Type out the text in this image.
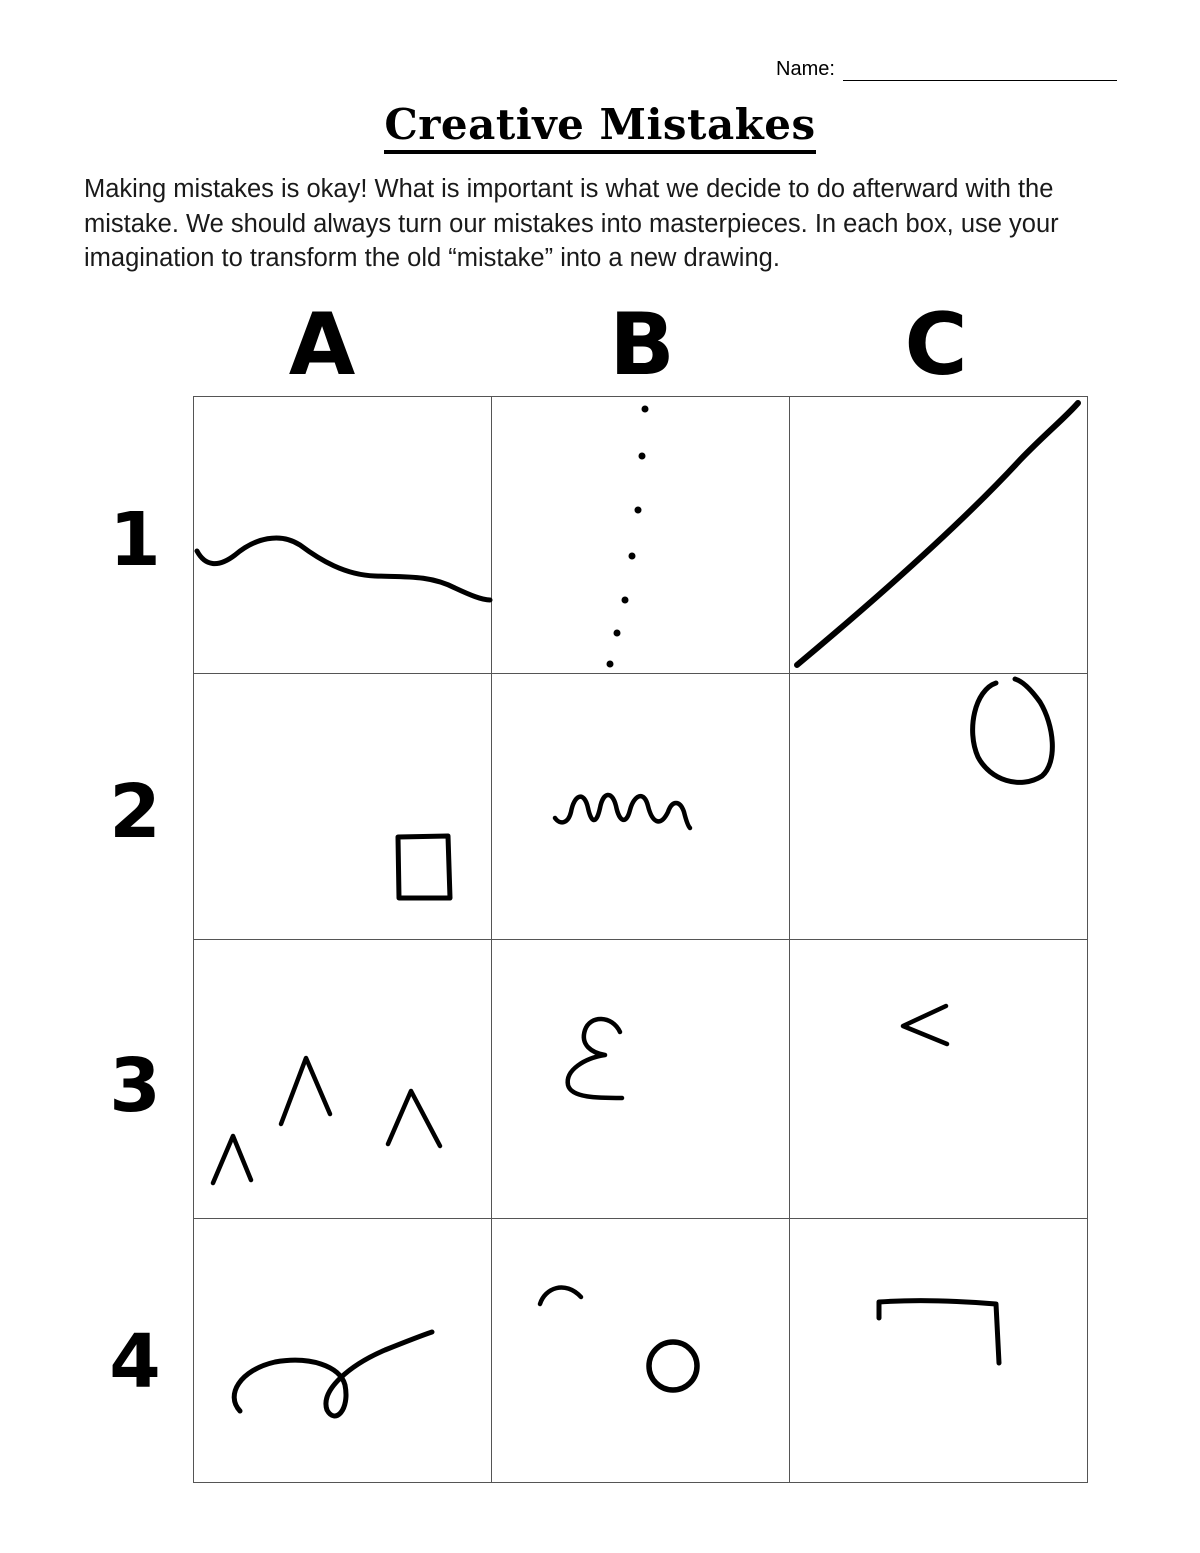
Name:
Creative Mistakes
Making mistakes is okay! What is important is what we decide to do afterward with the mistake. We should always turn our mistakes into masterpieces. In each box, use your imagination to transform the old “mistake” into a new drawing.
A	B	C
1
2
3
4
